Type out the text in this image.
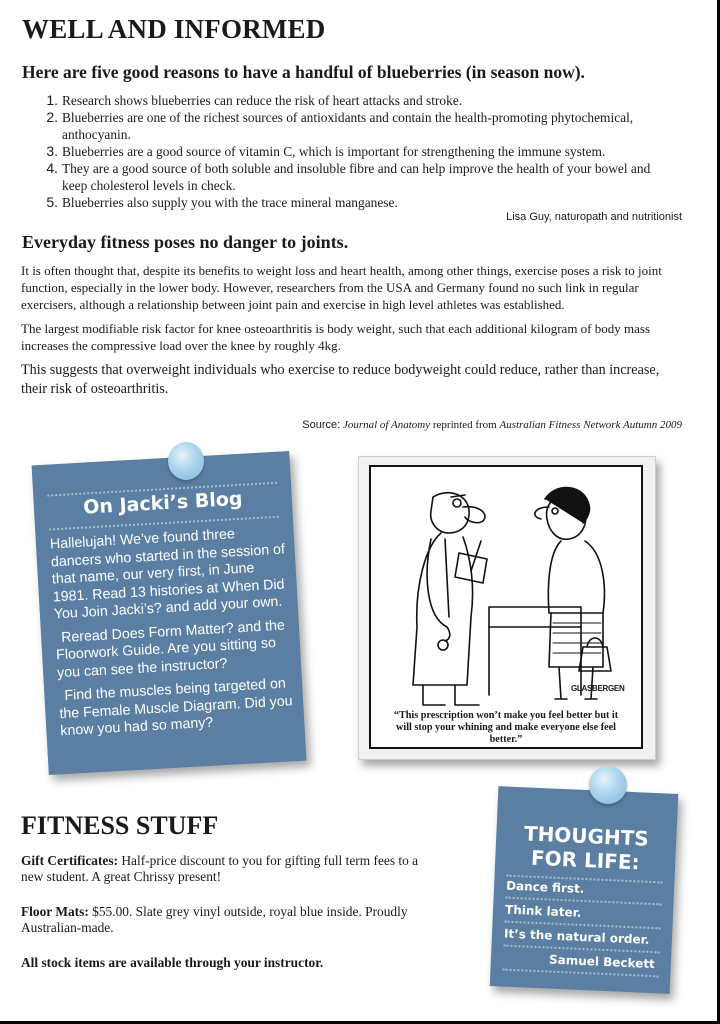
WELL AND INFORMED
Here are five good reasons to have a handful of blueberries (in season now).
1. Research shows blueberries can reduce the risk of heart attacks and stroke.
2. Blueberries are one of the richest sources of antioxidants and contain the health-promoting phytochemical, anthocyanin.
3. Blueberries are a good source of vitamin C, which is important for strengthening the immune system.
4. They are a good source of both soluble and insoluble fibre and can help improve the health of your bowel and keep cholesterol levels in check.
5. Blueberries also supply you with the trace mineral manganese.
Lisa Guy, naturopath and nutritionist
Everyday fitness poses no danger to joints.

It is often thought that, despite its benefits to weight loss and heart health, among other things, exercise poses a risk to joint function, especially in the lower body. However, researchers from the USA and Germany found no such link in regular exercisers, although a relationship between joint pain and exercise in high level athletes was established.

The largest modifiable risk factor for knee osteoarthritis is body weight, such that each additional kilogram of body mass increases the compressive load over the knee by roughly 4kg.

This suggests that overweight individuals who exercise to reduce bodyweight could reduce, rather than increase, their risk of osteoarthritis.

Source: Journal of Anatomy reprinted from Australian Fitness Network Autumn 2009
On Jacki’s Blog

Hallelujah! We’ve found three dancers who started in the session of that name, our very first, in June 1981. Read 13 histories at When Did You Join Jacki’s? and add your own.

Reread Does Form Matter? and the Floorwork Guide. Are you sitting so you can see the instructor?

Find the muscles being targeted on the Female Muscle Diagram. Did you know you had so many?

GLASBERGEN
“This prescription won’t make you feel better but it will stop your whining and make everyone else feel better.”
FITNESS STUFF

Gift Certificates: Half-price discount to you for gifting full term fees to a new student. A great Chrissy present!

Floor Mats: $55.00. Slate grey vinyl outside, royal blue inside. Proudly Australian-made.

All stock items are available through your instructor.

THOUGHTS
FOR LIFE:
Dance first.
Think later.
It’s the natural order.
Samuel Beckett
